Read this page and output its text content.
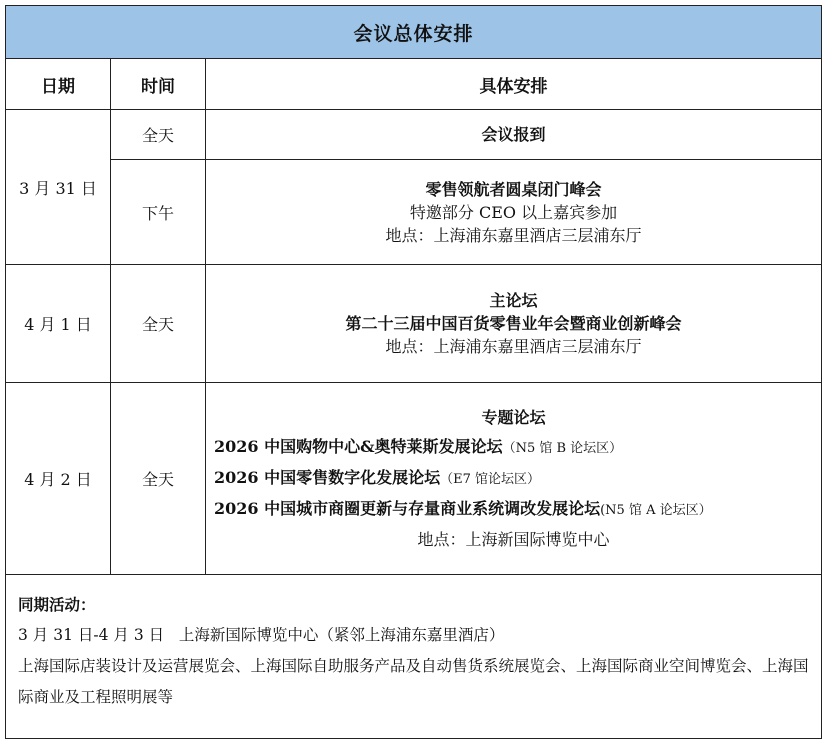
会议总体安排		
日期	时间	具体安排
3 月 31 日	全天	会议报到
	下午	零售领航者圆桌闭门峰会
特邀部分 CEO 以上嘉宾参加
地点：上海浦东嘉里酒店三层浦东厅

4 月 1 日	全天	主论坛
第二十三届中国百货零售业年会暨商业创新峰会
地点：上海浦东嘉里酒店三层浦东厅

4 月 2 日	全天	专题论坛
2026 中国购物中心&奥特莱斯发展论坛（N5 馆 B 论坛区）
2026 中国零售数字化发展论坛（E7 馆论坛区）
2026 中国城市商圈更新与存量商业系统调改发展论坛(N5 馆 A 论坛区）
地点：上海新国际博览中心

同期活动：
3 月 31 日-4 月 3 日   上海新国际博览中心（紧邻上海浦东嘉里酒店）
上海国际店装设计及运营展览会、上海国际自助服务产品及自动售货系统展览会、上海国际商业空间博览会、上海国际商业及工程照明展等		
